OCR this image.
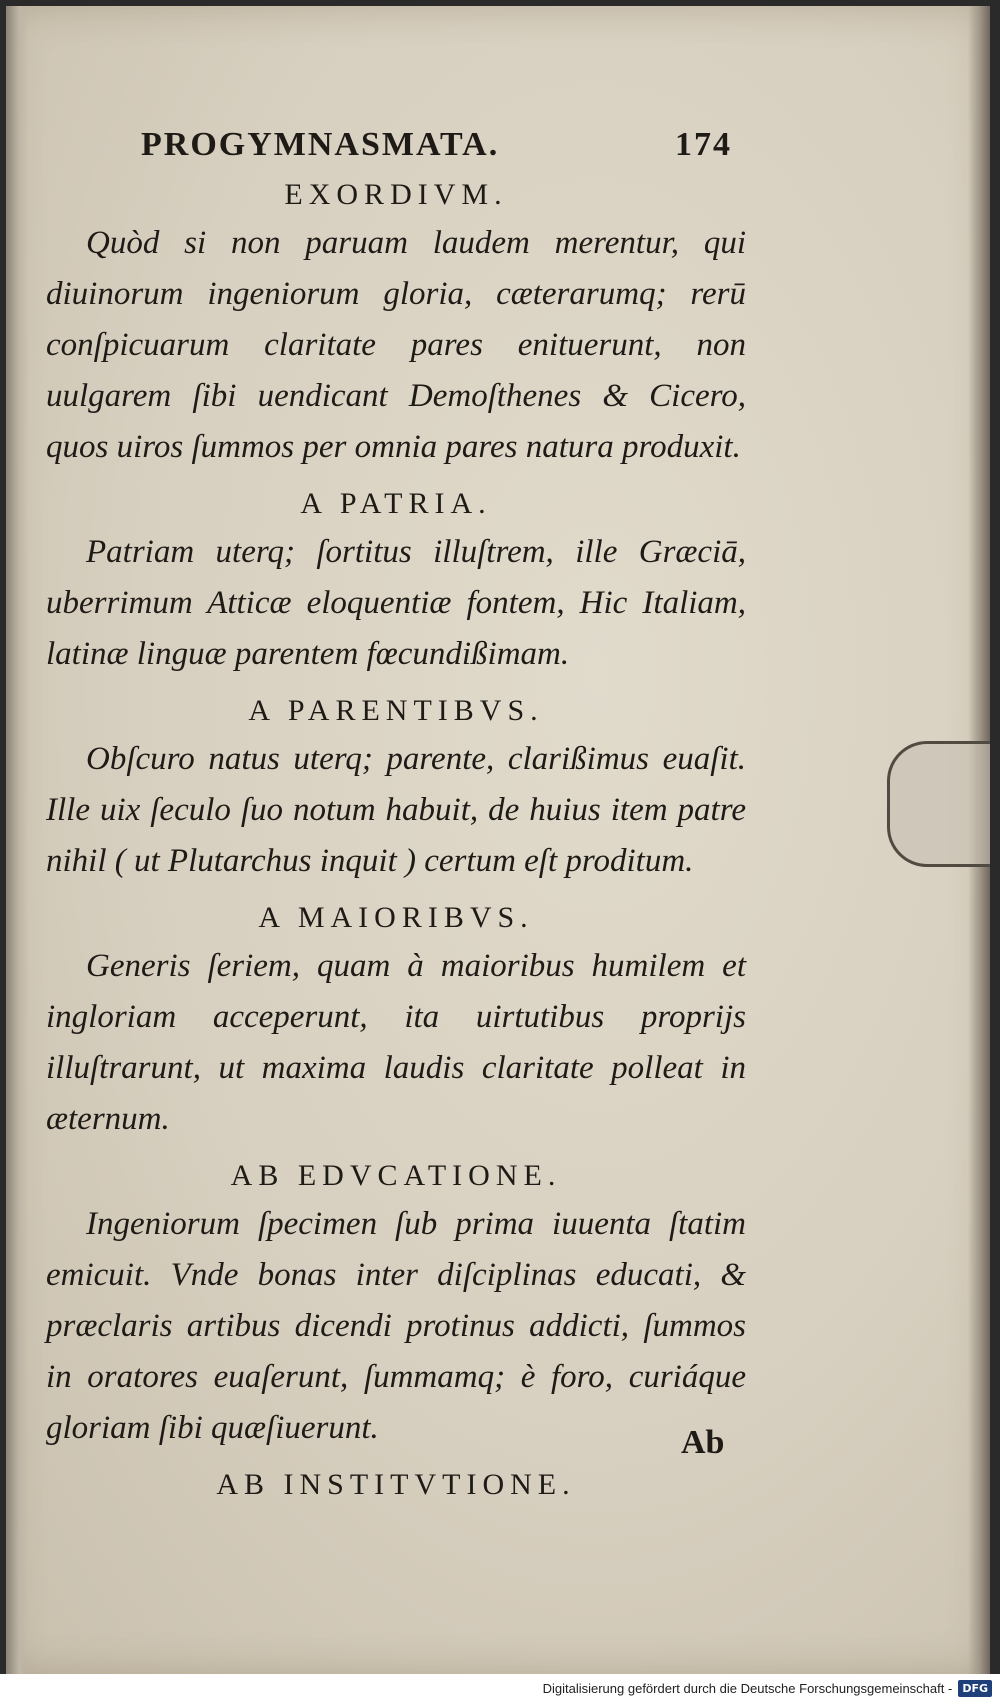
PROGYMNASMATA.	174
EXORDIVM.

Quòd si non paruam laudem merentur, qui diuinorum ingeniorum gloria, cæterarumq; rerū conſpicuarum claritate pares enituerunt, non uulgarem ſibi uendicant Demoſthenes & Cicero, quos uiros ſummos per omnia pares natura produxit.

A PATRIA.

Patriam uterq; ſortitus illuſtrem, ille Græciā, uberrimum Atticæ eloquentiæ fontem, Hic Italiam, latinæ linguæ parentem fœcundißimam.

A PARENTIBVS.

Obſcuro natus uterq; parente, clarißimus euaſit. Ille uix ſeculo ſuo notum habuit, de huius item patre nihil ( ut Plutarchus inquit ) certum eſt proditum.

A MAIORIBVS.

Generis ſeriem, quam à maioribus humilem et ingloriam acceperunt, ita uirtutibus proprijs illuſtrarunt, ut maxima laudis claritate polleat in æternum.

AB EDVCATIONE.

Ingeniorum ſpecimen ſub prima iuuenta ſtatim emicuit. Vnde bonas inter diſciplinas educati, & præclaris artibus dicendi protinus addicti, ſummos in oratores euaſerunt, ſummamq; è foro, curiáque gloriam ſibi quæſiuerunt.

AB INSTITVTIONE.
Ab
Digitalisierung gefördert durch die Deutsche Forschungsgemeinschaft - DFG
